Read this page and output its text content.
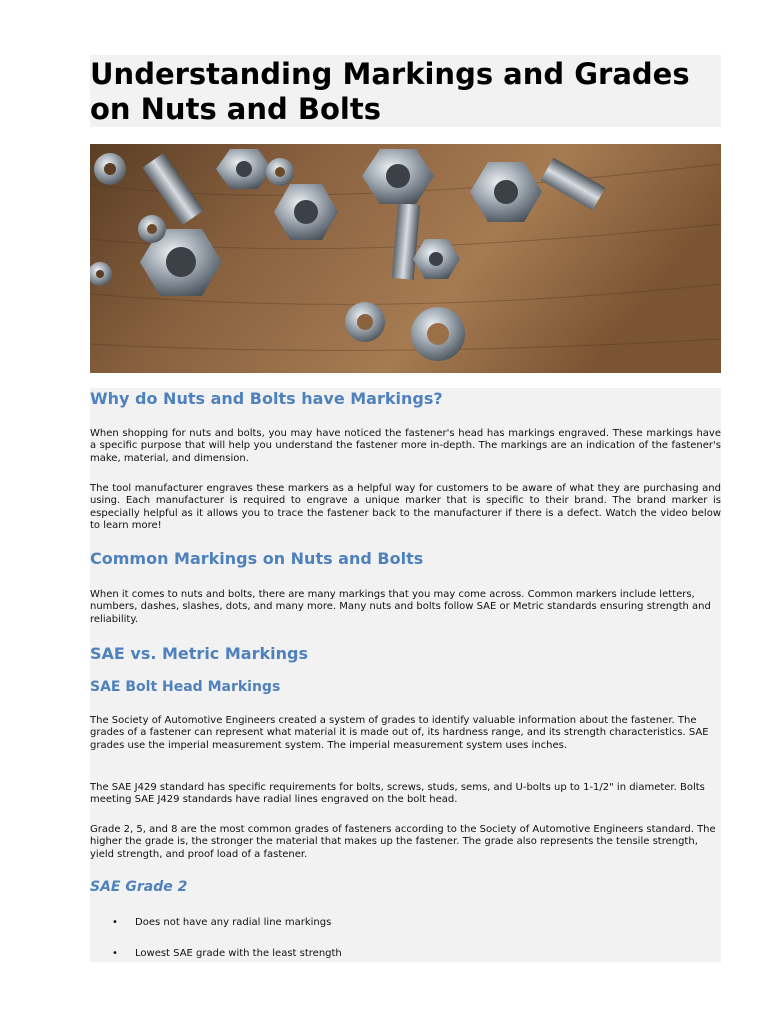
Understanding Markings and Grades on Nuts and Bolts
Why do Nuts and Bolts have Markings?

When shopping for nuts and bolts, you may have noticed the fastener's head has markings engraved. These markings have a specific purpose that will help you understand the fastener more in-depth. The markings are an indication of the fastener's make, material, and dimension.

The tool manufacturer engraves these markers as a helpful way for customers to be aware of what they are purchasing and using. Each manufacturer is required to engrave a unique marker that is specific to their brand. The brand marker is especially helpful as it allows you to trace the fastener back to the manufacturer if there is a defect. Watch the video below to learn more!

Common Markings on Nuts and Bolts

When it comes to nuts and bolts, there are many markings that you may come across. Common markers include letters, numbers, dashes, slashes, dots, and many more. Many nuts and bolts follow SAE or Metric standards ensuring strength and reliability.

SAE vs. Metric Markings
SAE Bolt Head Markings

The Society of Automotive Engineers created a system of grades to identify valuable information about the fastener. The grades of a fastener can represent what material it is made out of, its hardness range, and its strength characteristics. SAE grades use the imperial measurement system. The imperial measurement system uses inches.

The SAE J429 standard has specific requirements for bolts, screws, studs, sems, and U-bolts up to 1-1/2" in diameter. Bolts meeting SAE J429 standards have radial lines engraved on the bolt head.

Grade 2, 5, and 8 are the most common grades of fasteners according to the Society of Automotive Engineers standard. The higher the grade is, the stronger the material that makes up the fastener. The grade also represents the tensile strength, yield strength, and proof load of a fastener.

SAE Grade 2
• Does not have any radial line markings
• Lowest SAE grade with the least strength
